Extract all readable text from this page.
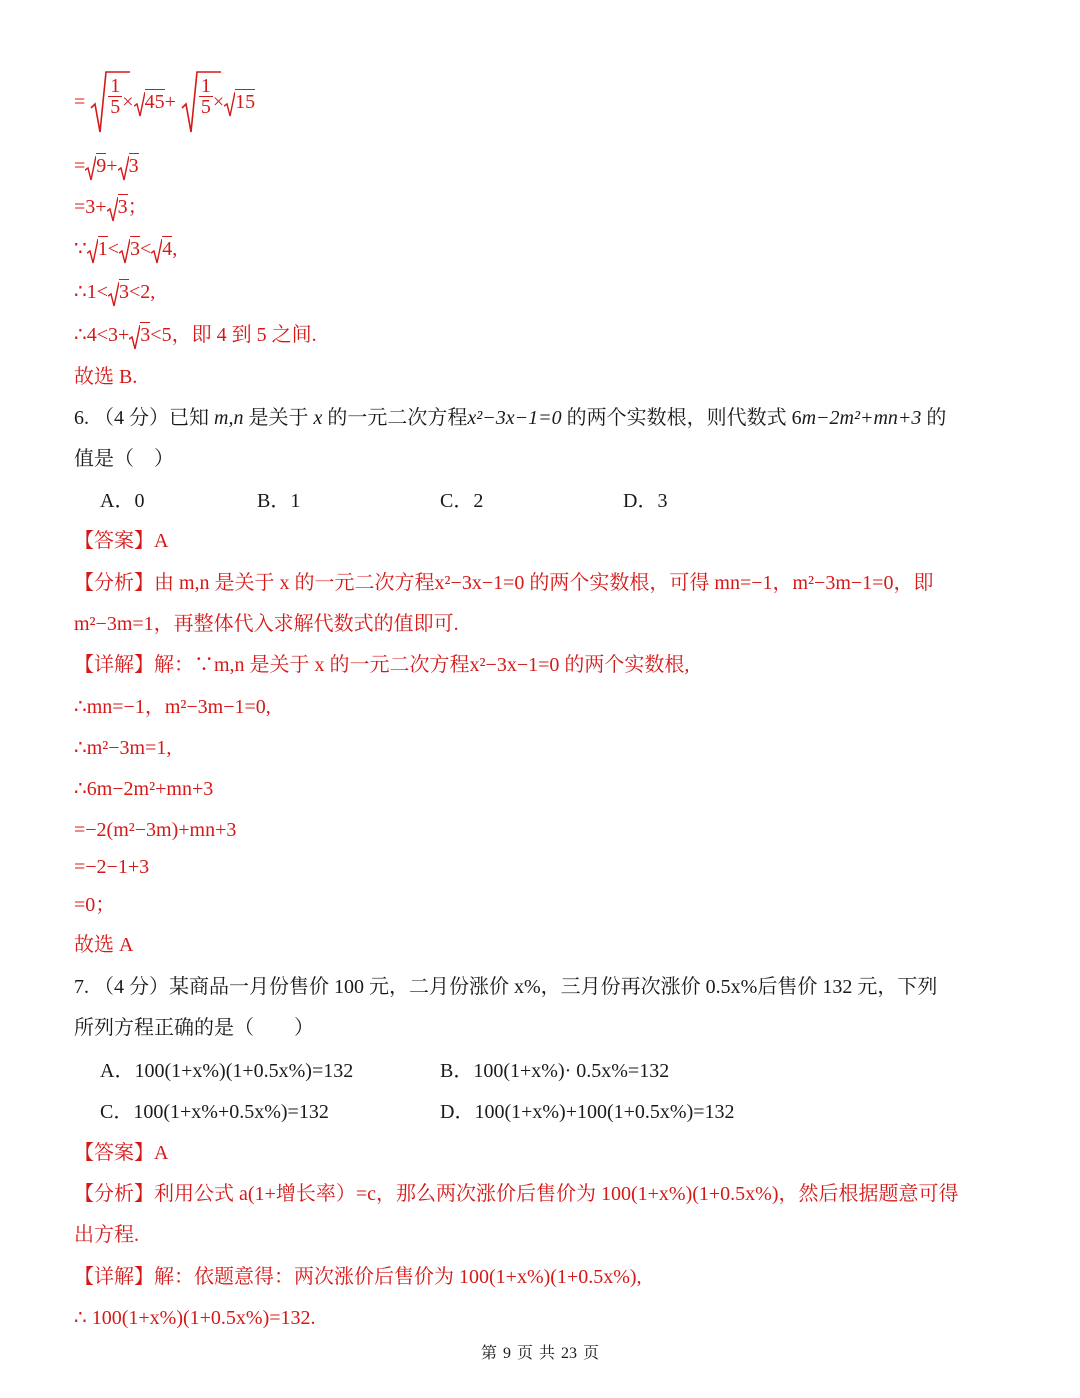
= $\frac{1}{5} \times 45+ \frac{1}{5} \times 15$
= 9+ 3
=3+ 3；
∵ 1< 3< 4,
∴1< 3<2,
∴4<3+ 3<5，即 4 到 5 之间.
故选 B.
6. （4 分）已知 m,n 是关于 x 的一元二次方程x²−3x−1=0 的两个实数根，则代数式 6m−2m²+mn+3 的
值是（　）
A．0	B．1	C．2	D．3
【答案】A
【分析】由 m,n 是关于 x 的一元二次方程x²−3x−1=0 的两个实数根，可得 mn=−1，m²−3m−1=0，即
m²−3m=1，再整体代入求解代数式的值即可.
【详解】解：∵m,n 是关于 x 的一元二次方程x²−3x−1=0 的两个实数根,
∴mn=−1，m²−3m−1=0,
∴m²−3m=1,
∴6m−2m²+mn+3
=−2(m²−3m)+mn+3
=−2−1+3
=0；
故选 A
7. （4 分）某商品一月份售价 100 元，二月份涨价 x%，三月份再次涨价 0.5x%后售价 132 元，下列
所列方程正确的是（　　）
A．100(1+x%)(1+0.5x%)=132	B．100(1+x%)· 0.5x%=132
C．100(1+x%+0.5x%)=132	D．100(1+x%)+100(1+0.5x%)=132
【答案】A
【分析】利用公式 a(1+增长率）=c，那么两次涨价后售价为 100(1+x%)(1+0.5x%)，然后根据题意可得
出方程.
【详解】解：依题意得：两次涨价后售价为 100(1+x%)(1+0.5x%),
∴ 100(1+x%)(1+0.5x%)=132.
第 9 页 共 23 页
